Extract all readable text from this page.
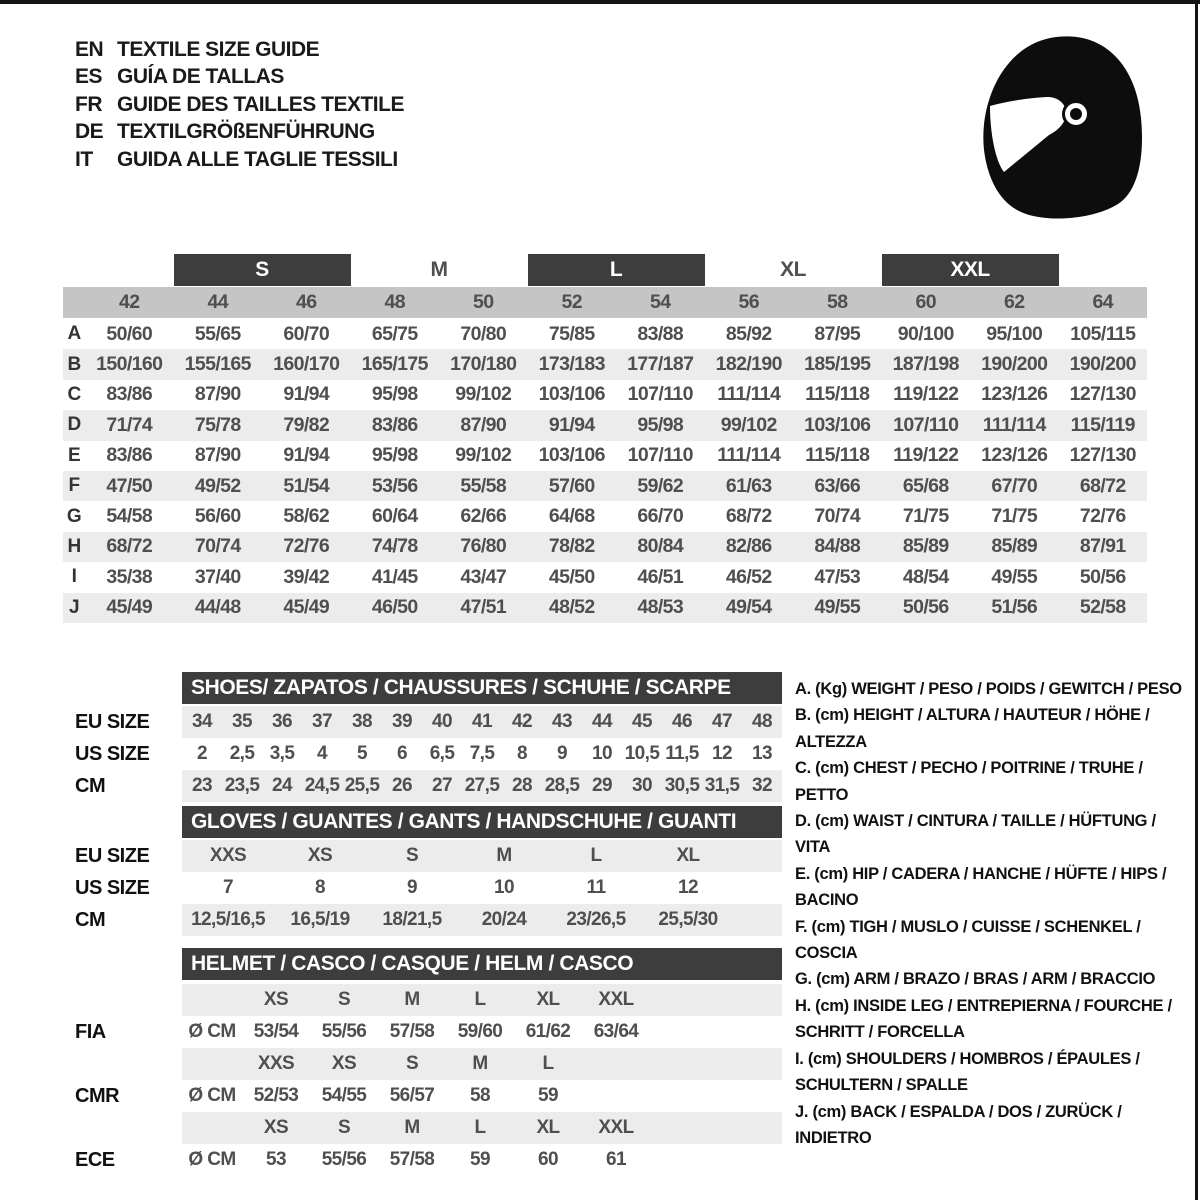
EN TEXTILE SIZE GUIDE
ES GUÍA DE TALLAS
FR GUIDE DES TAILLES TEXTILE
DE TEXTILGRÖßENFÜHRUNG
IT	GUIDA ALLE TAGLIE TESSILI
S	M	L	XL	XXL
42	44	46	48	50	52	54	56	58	60	62	64
A	50/60	55/65	60/70	65/75	70/80	75/85	83/88	85/92	87/95	90/100	95/100	105/115
B 150/160	155/165	160/170	165/175	170/180	173/183	177/187	182/190	185/195	187/198	190/200	190/200
C	83/86	87/90	91/94	95/98	99/102	103/106	107/110	111/114	115/118	119/122	123/126	127/130
D	71/74	75/78	79/82	83/86	87/90	91/94	95/98	99/102	103/106	107/110	111/114	115/119
E	83/86	87/90	91/94	95/98	99/102	103/106	107/110	111/114	115/118	119/122	123/126	127/130
F	47/50	49/52	51/54	53/56	55/58	57/60	59/62	61/63	63/66	65/68	67/70	68/72
G	54/58	56/60	58/62	60/64	62/66	64/68	66/70	68/72	70/74	71/75	71/75	72/76
H	68/72	70/74	72/76	74/78	76/80	78/82	80/84	82/86	84/88	85/89	85/89	87/91
I	35/38	37/40	39/42	41/45	43/47	45/50	46/51	46/52	47/53	48/54	49/55	50/56
J	45/49	44/48	45/49	46/50	47/51	48/52	48/53	49/54	49/55	50/56	51/56	52/58
SHOES/ ZAPATOS / CHAUSSURES / SCHUHE / SCARPE
34	35	36	37	38	39	40	41	42	43	44	45	46	47	48
2	2,5 3,5	4	5	6	6,5 7,5	8	9	10 10,5 11,5 12	13
23 23,5 24 24,5 25,5 26	27 27,5 28 28,5 29	30 30,5 31,5 32
EU SIZE
US SIZE
CM
GLOVES / GUANTES / GANTS / HANDSCHUHE / GUANTI
XXS	XS	S	M	L	XL
7	8	9	10	11	12
12,5/16,5	16,5/19	18/21,5	20/24	23/26,5	25,5/30
EU SIZE
US SIZE
CM
HELMET / CASCO / CASQUE / HELM / CASCO
XS	S	M	L	XL	XXL
Ø CM 53/54	55/56	57/58	59/60	61/62	63/64
XXS	XS	S	M	L
Ø CM 52/53	54/55	56/57	58	59
XS	S	M	L	XL	XXL
Ø CM	53	55/56	57/58	59	60	61
FIA
CMR
ECE
A. (Kg) WEIGHT / PESO / POIDS / GEWITCH / PESO
B. (cm) HEIGHT / ALTURA / HAUTEUR / HÖHE / ALTEZZA
C. (cm) CHEST / PECHO / POITRINE / TRUHE / PETTO
D. (cm) WAIST / CINTURA / TAILLE / HÜFTUNG / VITA
E. (cm) HIP / CADERA / HANCHE / HÜFTE / HIPS / BACINO
F. (cm) TIGH / MUSLO / CUISSE / SCHENKEL / COSCIA
G. (cm) ARM / BRAZO / BRAS / ARM / BRACCIO
H. (cm) INSIDE LEG / ENTREPIERNA / FOURCHE / SCHRITT / FORCELLA
I. (cm) SHOULDERS / HOMBROS / ÉPAULES / SCHULTERN / SPALLE
J. (cm) BACK / ESPALDA / DOS / ZURÜCK / INDIETRO
